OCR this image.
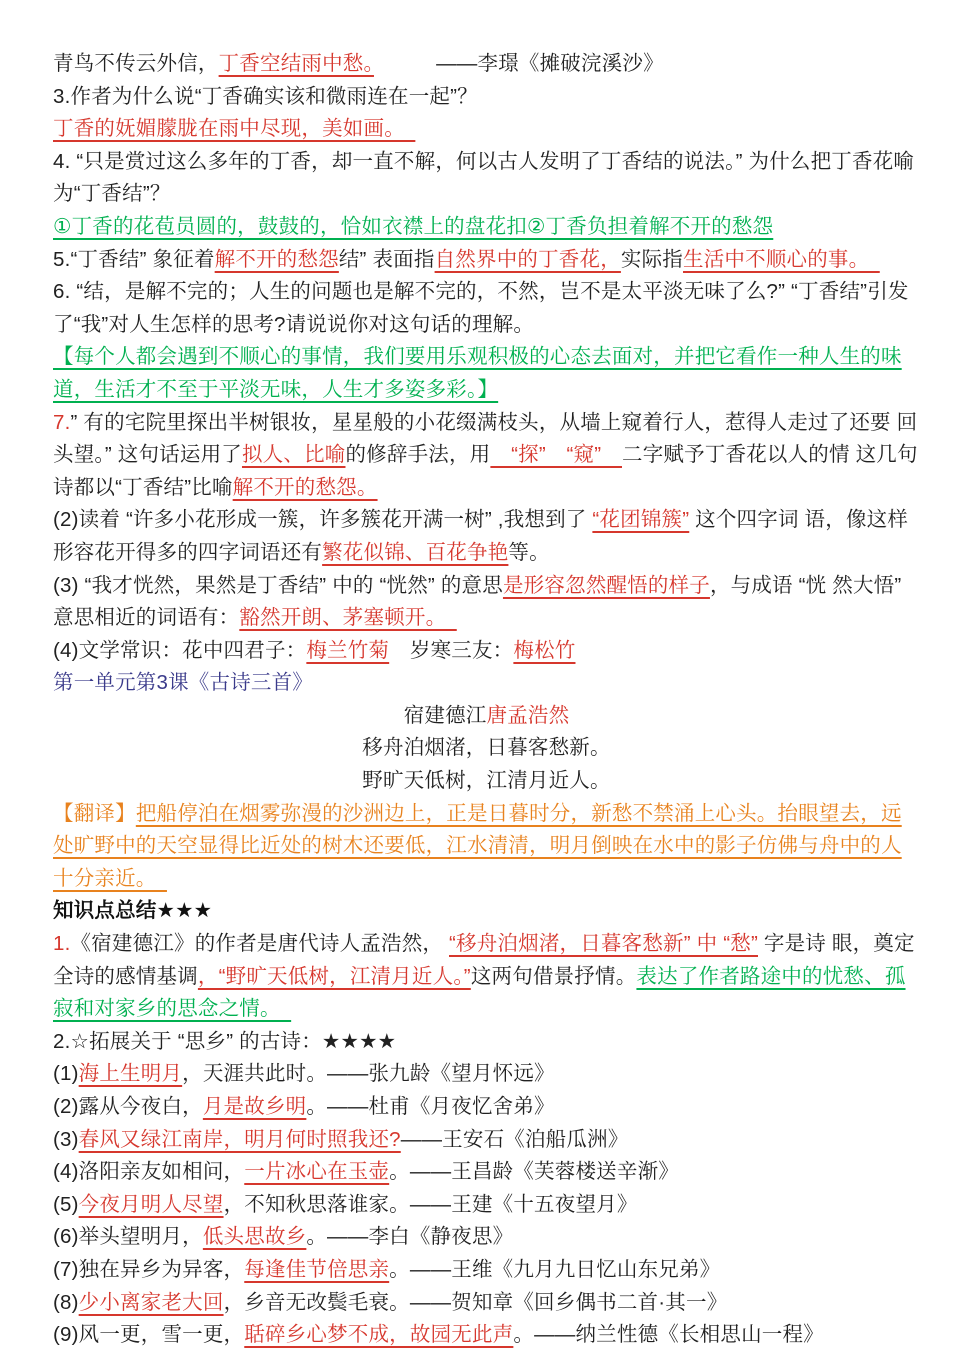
青鸟不传云外信，丁香空结雨中愁。　　　——李璟《摊破浣溪沙》

3.作者为什么说“丁香确实该和微雨连在一起”？

丁香的妩媚朦胧在雨中尽现，美如画。　

4. “只是赏过这么多年的丁香，却一直不解，何以古人发明了丁香结的说法。” 为什么把丁香花喻为“丁香结”？

①丁香的花苞员圆的，鼓鼓的，恰如衣襟上的盘花扣②丁香负担着解不开的愁怨

5.“丁香结” 象征着解不开的愁怨结” 表面指自然界中的丁香花，实际指生活中不顺心的事。　

6. “结，是解不完的；人生的问题也是解不完的，不然，岂不是太平淡无味了么?” “丁香结”引发了“我”对人生怎样的思考?请说说你对这句话的理解。

【每个人都会遇到不顺心的事情，我们要用乐观积极的心态去面对，并把它看作一种人生的味道，生活才不至于平淡无味，人生才多姿多彩。】

7.” 有的宅院里探出半树银妆，星星般的小花缀满枝头，从墙上窥着行人，惹得人走过了还要 回头望。” 这句话运用了拟人、比喻的修辞手法，用　“探”　“窥”　二字赋予丁香花以人的情 这几句诗都以“丁香结”比喻解不开的愁怨。

(2)读着 “许多小花形成一簇，许多簇花开满一树” ,我想到了 “花团锦簇” 这个四字词 语，像这样形容花开得多的四字词语还有繁花似锦、百花争艳等。

(3) “我才恍然，果然是丁香结” 中的 “恍然” 的意思是形容忽然醒悟的样子，与成语 “恍 然大悟” 意思相近的词语有：豁然开朗、茅塞顿开。　

(4)文学常识：花中四君子：梅兰竹菊　岁寒三友：梅松竹

第一单元第3课《古诗三首》

宿建德江唐孟浩然

移舟泊烟渚，日暮客愁新。

野旷天低树，江清月近人。

【翻译】把船停泊在烟雾弥漫的沙洲边上，正是日暮时分，新愁不禁涌上心头。抬眼望去，远处旷野中的天空显得比近处的树木还要低，江水清清，明月倒映在水中的影子仿佛与舟中的人十分亲近。　

知识点总结★★★

1.《宿建德江》的作者是唐代诗人孟浩然， “移舟泊烟渚，日暮客愁新” 中 “愁” 字是诗 眼，奠定全诗的感情基调，“野旷天低树，江清月近人。”这两句借景抒情。表达了作者路途中的忧愁、孤寂和对家乡的思念之情。　

2.☆拓展关于 “思乡” 的古诗：★★★★

(1)海上生明月，天涯共此时。——张九龄《望月怀远》

(2)露从今夜白，月是故乡明。——杜甫《月夜忆舍弟》

(3)春风又绿江南岸，明月何时照我还?——王安石《泊船瓜洲》

(4)洛阳亲友如相问，一片冰心在玉壶。——王昌龄《芙蓉楼送辛渐》

(5)今夜月明人尽望，不知秋思落谁家。——王建《十五夜望月》

(6)举头望明月，低头思故乡。——李白《静夜思》

(7)独在异乡为异客，每逢佳节倍思亲。——王维《九月九日忆山东兄弟》

(8)少小离家老大回，乡音无改鬓毛衰。——贺知章《回乡偶书二首·其一》

(9)风一更，雪一更，聒碎乡心梦不成，故园无此声。——纳兰性德《长相思山一程》
